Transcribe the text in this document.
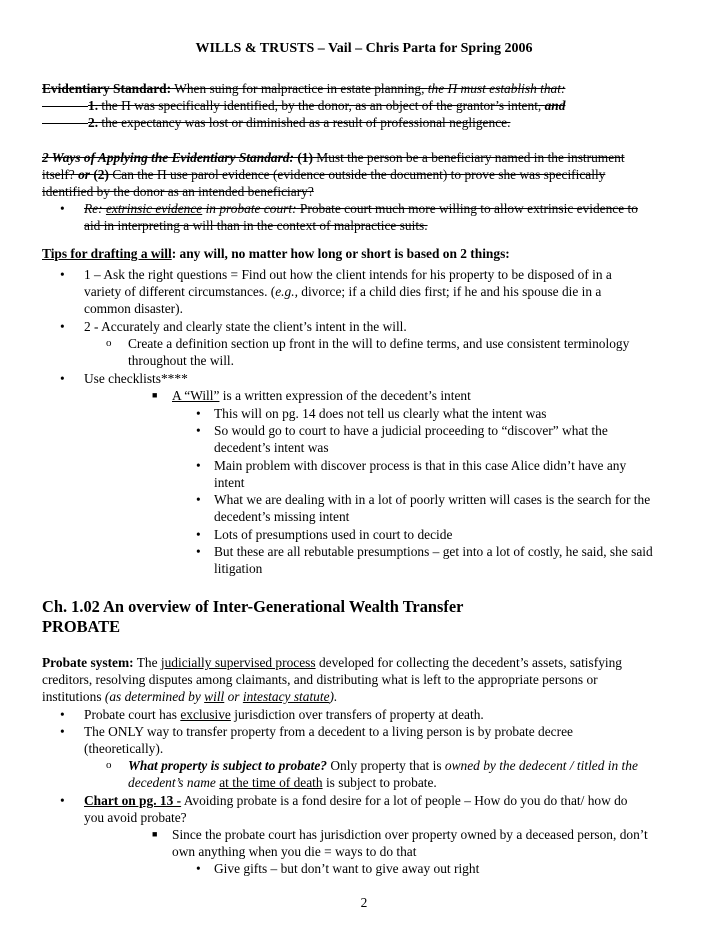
WILLS & TRUSTS – Vail – Chris Parta for Spring 2006
Evidentiary Standard: When suing for malpractice in estate planning, the Π must establish that:
1. the Π was specifically identified, by the donor, as an object of the grantor’s intent, and
2. the expectancy was lost or diminished as a result of professional negligence.
2 Ways of Applying the Evidentiary Standard: (1) Must the person be a beneficiary named in the instrument
itself? or (2) Can the Π use parol evidence (evidence outside the document) to prove she was specifically
identified by the donor as an intended beneficiary?
• Re: extrinsic evidence in probate court: Probate court much more willing to allow extrinsic evidence to
aid in interpreting a will than in the context of malpractice suits.
Tips for drafting a will: any will, no matter how long or short is based on 2 things:
• 1 – Ask the right questions = Find out how the client intends for his property to be disposed of in a
variety of different circumstances. (e.g., divorce; if a child dies first; if he and his spouse die in a
common disaster).
• 2 - Accurately and clearly state the client’s intent in the will.
o Create a definition section up front in the will to define terms, and use consistent terminology
throughout the will.
• Use checklists****
■ A “Will” is a written expression of the decedent’s intent
• This will on pg. 14 does not tell us clearly what the intent was
• So would go to court to have a judicial proceeding to “discover” what the
decedent’s intent was
• Main problem with discover process is that in this case Alice didn’t have any
intent
• What we are dealing with in a lot of poorly written will cases is the search for the
decedent’s missing intent
• Lots of presumptions used in court to decide
• But these are all rebutable presumptions – get into a lot of costly, he said, she said
litigation
Ch. 1.02 An overview of Inter-Generational Wealth Transfer
PROBATE
Probate system: The judicially supervised process developed for collecting the decedent’s assets, satisfying
creditors, resolving disputes among claimants, and distributing what is left to the appropriate persons or
institutions (as determined by will or intestacy statute).
• Probate court has exclusive jurisdiction over transfers of property at death.
• The ONLY way to transfer property from a decedent to a living person is by probate decree
(theoretically).
o What property is subject to probate? Only property that is owned by the dedecent / titled in the
decedent’s name at the time of death is subject to probate.
• Chart on pg. 13 - Avoiding probate is a fond desire for a lot of people – How do you do that/ how do
you avoid probate?
■ Since the probate court has jurisdiction over property owned by a deceased person, don’t
own anything when you die = ways to do that
• Give gifts – but don’t want to give away out right
2
